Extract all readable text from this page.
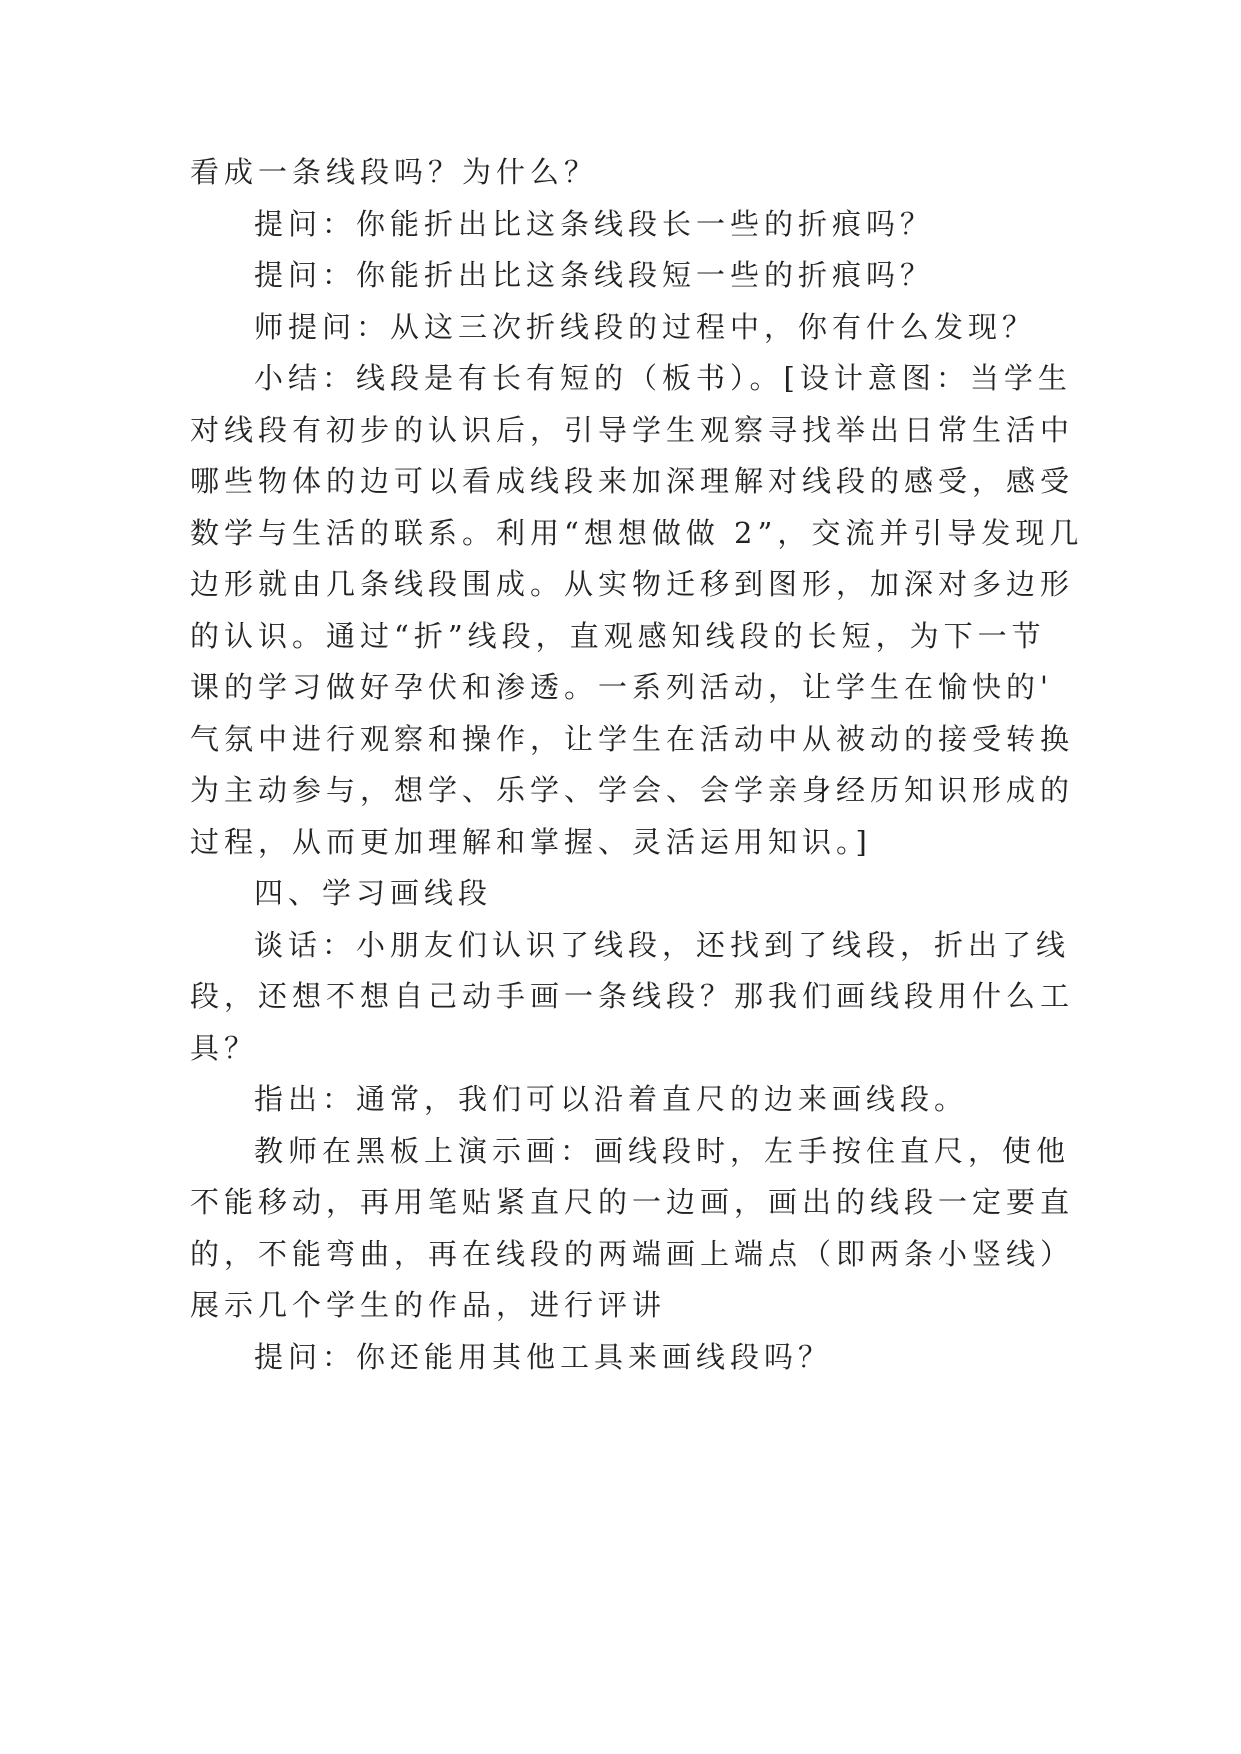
看成一条线段吗？为什么？
提问：你能折出比这条线段长一些的折痕吗？
提问：你能折出比这条线段短一些的折痕吗？
师提问：从这三次折线段的过程中，你有什么发现？
小结：线段是有长有短的（板书）。[设计意图：当学生
对线段有初步的认识后，引导学生观察寻找举出日常生活中
哪些物体的边可以看成线段来加深理解对线段的感受，感受
数学与生活的联系。利用“想想做做 2”，交流并引导发现几
边形就由几条线段围成。从实物迁移到图形，加深对多边形
的认识。通过“折”线段，直观感知线段的长短，为下一节
课的学习做好孕伏和渗透。一系列活动，让学生在愉快的'
气氛中进行观察和操作，让学生在活动中从被动的接受转换
为主动参与，想学、乐学、学会、会学亲身经历知识形成的
过程，从而更加理解和掌握、灵活运用知识。]
四、学习画线段
谈话：小朋友们认识了线段，还找到了线段，折出了线
段，还想不想自己动手画一条线段？那我们画线段用什么工
具？
指出：通常，我们可以沿着直尺的边来画线段。
教师在黑板上演示画：画线段时，左手按住直尺，使他
不能移动，再用笔贴紧直尺的一边画，画出的线段一定要直
的，不能弯曲，再在线段的两端画上端点（即两条小竖线）
展示几个学生的作品，进行评讲
提问：你还能用其他工具来画线段吗？
